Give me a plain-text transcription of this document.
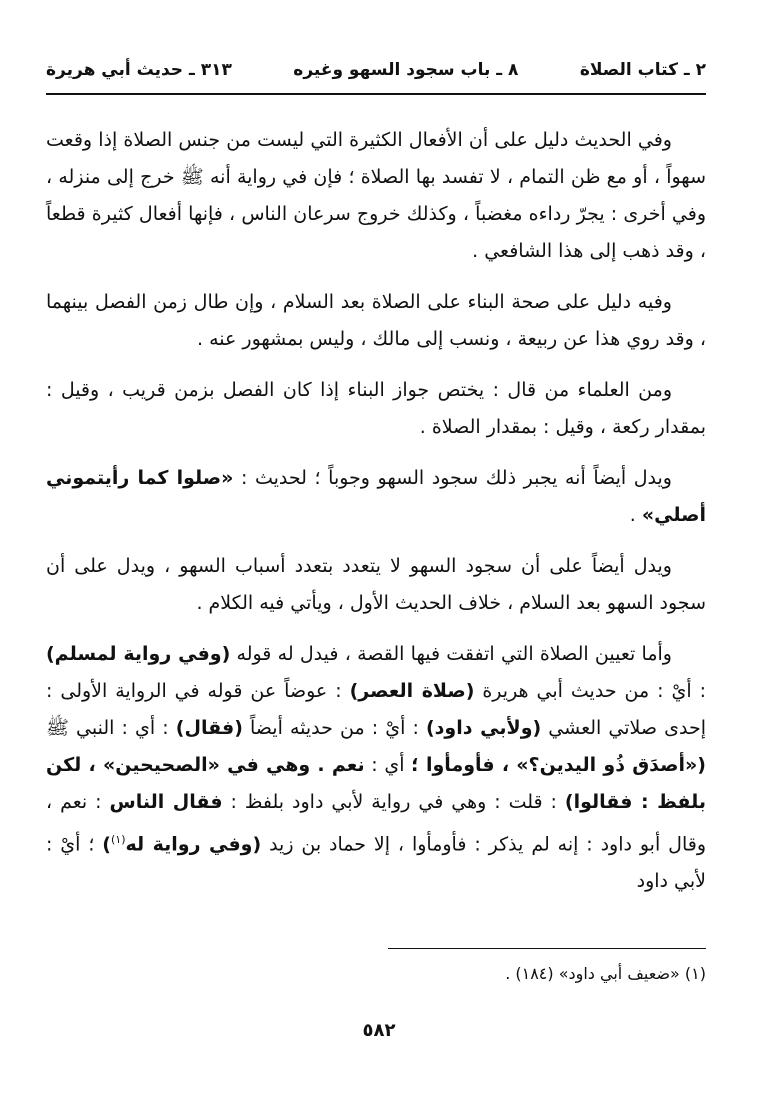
٢ ـ كتاب الصلاة
٨ ـ باب سجود السهو وغيره
٣١٣ ـ حديث أبي هريرة

وفي الحديث دليل على أن الأفعال الكثيرة التي ليست من جنس الصلاة إذا وقعت سهواً ، أو مع ظن التمام ، لا تفسد بها الصلاة ؛ فإن في رواية أنه ﷺ خرج إلى منزله ، وفي أخرى : يجرّ رداءه مغضباً ، وكذلك خروج سرعان الناس ، فإنها أفعال كثيرة قطعاً ، وقد ذهب إلى هذا الشافعي .

وفيه دليل على صحة البناء على الصلاة بعد السلام ، وإن طال زمن الفصل بينهما ، وقد روي هذا عن ربيعة ، ونسب إلى مالك ، وليس بمشهور عنه .

ومن العلماء من قال : يختص جواز البناء إذا كان الفصل بزمن قريب ، وقيل : بمقدار ركعة ، وقيل : بمقدار الصلاة .

ويدل أيضاً أنه يجبر ذلك سجود السهو وجوباً ؛ لحديث : «صلوا كما رأيتموني أصلي» .

ويدل أيضاً على أن سجود السهو لا يتعدد بتعدد أسباب السهو ، ويدل على أن سجود السهو بعد السلام ، خلاف الحديث الأول ، ويأتي فيه الكلام .

وأما تعيين الصلاة التي اتفقت فيها القصة ، فيدل له قوله (وفي رواية لمسلم) : أيْ : من حديث أبي هريرة (صلاة العصر) : عوضاً عن قوله في الرواية الأولى : إحدى صلاتي العشي (ولأبي داود) : أيْ : من حديثه أيضاً (فقال) : أي : النبي ﷺ («أصدَق ذُو اليدين؟» ، فأومأوا ؛ أي : نعم . وهي في «الصحيحين» ، لكن بلفظ : فقالوا) : قلت : وهي في رواية لأبي داود بلفظ : فقال الناس : نعم ، وقال أبو داود : إنه لم يذكر : فأومأوا ، إلا حماد بن زيد (وفي رواية له$^{(١)}$) ؛ أيْ : لأبي داود

(١) «ضعيف أبي داود» (١٨٤) .
٥٨٢
